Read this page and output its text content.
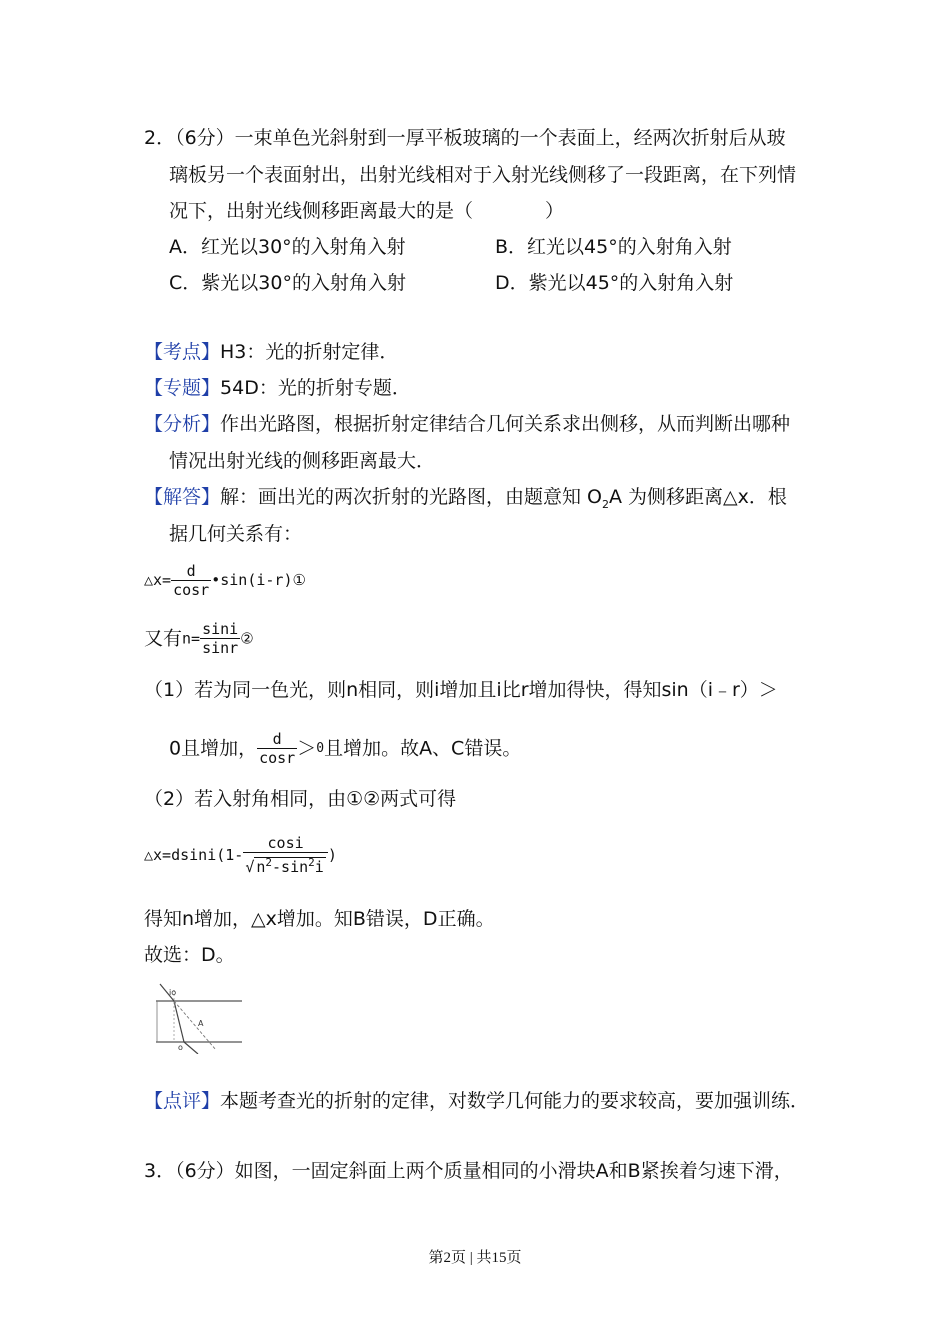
2．（6分）一束单色光斜射到一厚平板玻璃的一个表面上，经两次折射后从玻
璃板另一个表面射出，出射光线相对于入射光线侧移了一段距离，在下列情
况下，出射光线侧移距离最大的是（	）
A．红光以30°的入射角入射	B．红光以45°的入射角入射
C．紫光以30°的入射角入射	D．紫光以45°的入射角入射
【考点】H3：光的折射定律．
【专题】54D：光的折射专题．
【分析】作出光路图，根据折射定律结合几何关系求出侧移，从而判断出哪种
情况出射光线的侧移距离最大．
【解答】解：画出光的两次折射的光路图，由题意知 $O_2A$ 为侧移距离△x．根
据几何关系有：
△x= $\frac{d}{\cos r}$ •sin(i-r)①
又有$n= \frac{\sin i}{\sin r}$ ②
（1）若为同一色光，则n相同，则i增加且i比r增加得快，得知sin（i﹣r）＞
0且增加， $\frac{d}{\cos r} >0$且增加。故A、C错误。
（2）若入射角相同，由①②两式可得
△x=dsini(1- $\frac{\cos i}{√ n^2-\sin^2i}$ )
得知n增加，△x增加。知B错误，D正确。
故选：D。
io
A
o
【点评】本题考查光的折射的定律，对数学几何能力的要求较高，要加强训练．
3．（6分）如图，一固定斜面上两个质量相同的小滑块A和B紧挨着匀速下滑，
第2页 | 共15页
